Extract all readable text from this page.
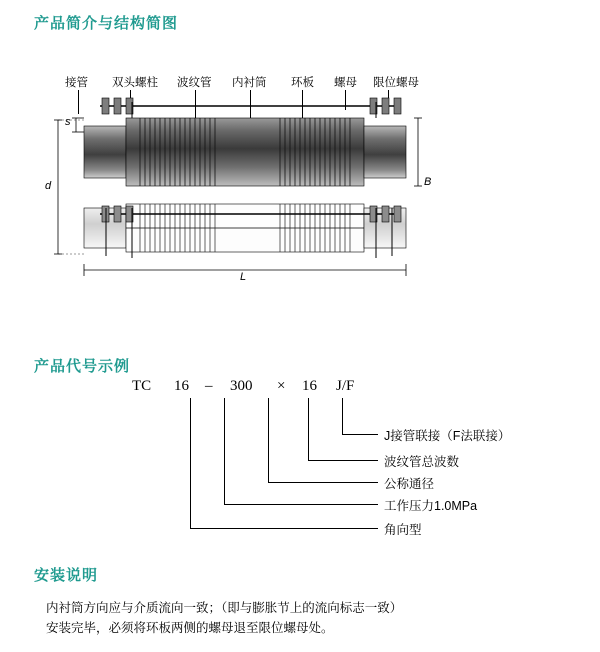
产品简介与结构简图
产品代号示例
安装说明
接管 双头螺柱 波纹管 内衬筒 环板 螺母 限位螺母
s
d	B
L
TC 16 – 300 × 16 J/F
J接管联接（F法联接）
波纹管总波数
公称通径
工作压力1.0MPa
角向型
内衬筒方向应与介质流向一致；（即与膨胀节上的流向标志一致）
安装完毕，必须将环板两侧的螺母退至限位螺母处。
